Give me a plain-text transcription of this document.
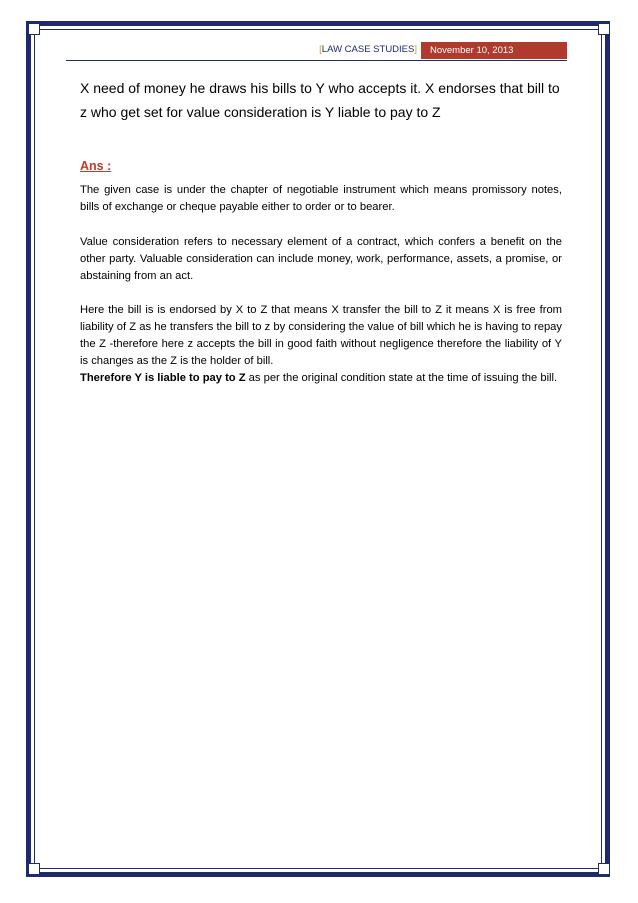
[LAW CASE STUDIES]	November 10, 2013

X need of money he draws his bills to Y who accepts it. X endorses that bill to z who get set for value consideration is Y liable to pay to Z

Ans :

The given case is under the chapter of negotiable instrument which means promissory notes, bills of exchange or cheque payable either to order or to bearer.

Value consideration refers to necessary element of a contract, which confers a benefit on the other party. Valuable consideration can include money, work, performance, assets, a promise, or abstaining from an act.

Here the bill is is endorsed by X to Z that means X transfer the bill to Z it means X is free from liability of Z as he transfers the bill to z by considering the value of bill which he is having to repay the Z -therefore here z accepts the bill in good faith without negligence therefore the liability of Y is changes as the Z is the holder of bill.
Therefore Y is liable to pay to Z as per the original condition state at the time of issuing the bill.
